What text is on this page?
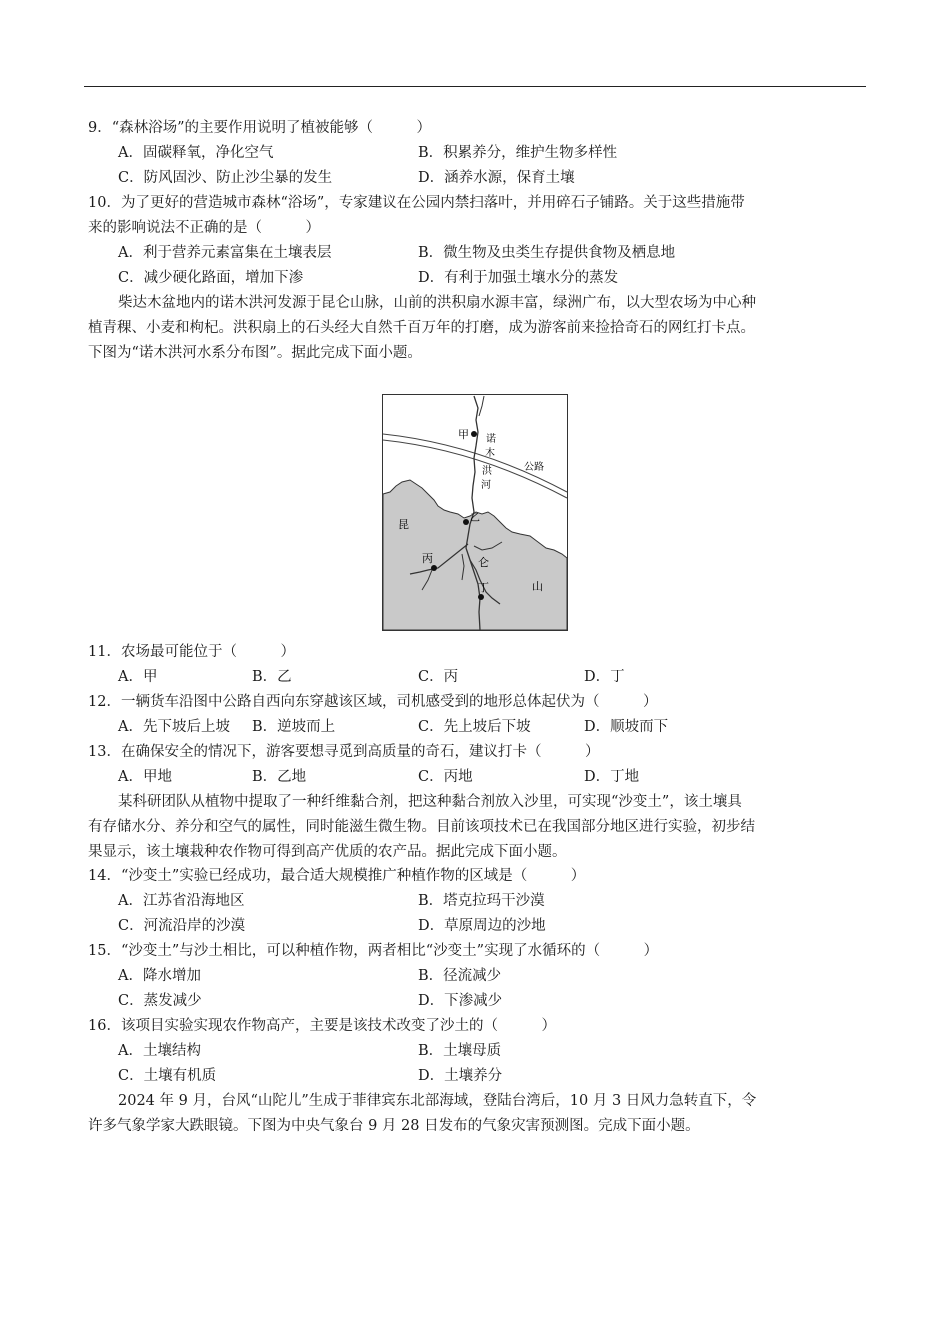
9．“森林浴场”的主要作用说明了植被能够（　　　）
A．固碳释氧，净化空气	B．积累养分，维护生物多样性
C．防风固沙、防止沙尘暴的发生	D．涵养水源，保育土壤
10．为了更好的营造城市森林“浴场”，专家建议在公园内禁扫落叶，并用碎石子铺路。关于这些措施带
来的影响说法不正确的是（　　　）
A．利于营养元素富集在土壤表层	B．微生物及虫类生存提供食物及栖息地
C．减少硬化路面，增加下渗	D．有利于加强土壤水分的蒸发
柴达木盆地内的诺木洪河发源于昆仑山脉，山前的洪积扇水源丰富，绿洲广布，以大型农场为中心种
植青稞、小麦和枸杞。洪积扇上的石头经大自然千百万年的打磨，成为游客前来捡拾奇石的网红打卡点。
下图为“诺木洪河水系分布图”。据此完成下面小题。
甲
乙
丙
丁
诺
木
洪
河
公路
昆
仑
山
11．农场最可能位于（　　　）
A．甲	B．乙	C．丙	D．丁
12．一辆货车沿图中公路自西向东穿越该区域，司机感受到的地形总体起伏为（　　　）
A．先下坡后上坡 B．逆坡而上	C．先上坡后下坡	D．顺坡而下
13．在确保安全的情况下，游客要想寻觅到高质量的奇石，建议打卡（　　　）
A．甲地	B．乙地	C．丙地	D．丁地
某科研团队从植物中提取了一种纤维黏合剂，把这种黏合剂放入沙里，可实现“沙变土”，该土壤具
有存储水分、养分和空气的属性，同时能滋生微生物。目前该项技术已在我国部分地区进行实验，初步结
果显示，该土壤栽种农作物可得到高产优质的农产品。据此完成下面小题。
14．“沙变土”实验已经成功，最合适大规模推广种植作物的区域是（　　　）
A．江苏省沿海地区	B．塔克拉玛干沙漠
C．河流沿岸的沙漠	D．草原周边的沙地
15．“沙变土”与沙土相比，可以种植作物，两者相比“沙变土”实现了水循环的（　　　）
A．降水增加	B．径流减少
C．蒸发减少	D．下渗减少
16．该项目实验实现农作物高产，主要是该技术改变了沙土的（　　　）
A．土壤结构	B．土壤母质
C．土壤有机质	D．土壤养分
2024 年 9 月，台风“山陀儿”生成于菲律宾东北部海域，登陆台湾后，10 月 3 日风力急转直下，令
许多气象学家大跌眼镜。下图为中央气象台 9 月 28 日发布的气象灾害预测图。完成下面小题。
